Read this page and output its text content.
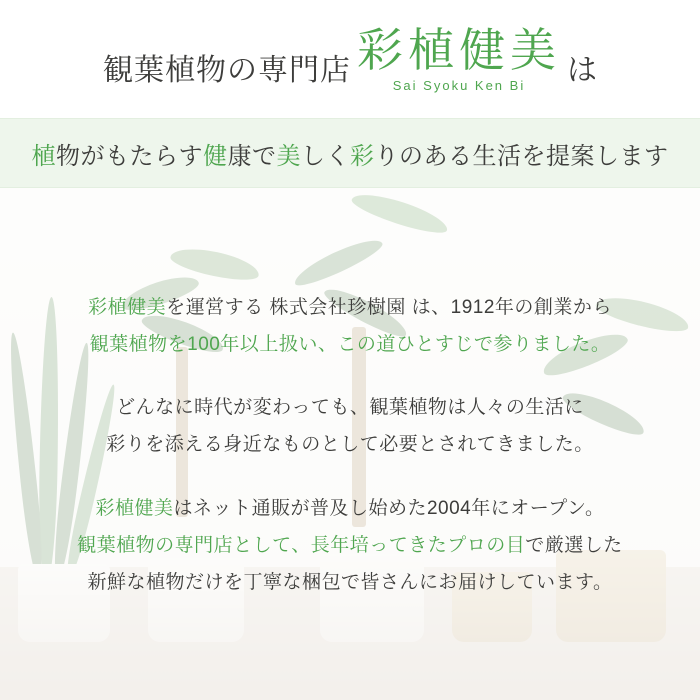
観葉植物の専門店 彩植健美
Sai Syoku Ken Bi は
植物がもたらす健康で美しく彩りのある生活を提案します
彩植健美を運営する 株式会社珍樹園 は、1912年の創業から
観葉植物を100年以上扱い、この道ひとすじで参りました。
どんなに時代が変わっても、観葉植物は人々の生活に
彩りを添える身近なものとして必要とされてきました。
彩植健美はネット通販が普及し始めた2004年にオープン。
観葉植物の専門店として、長年培ってきたプロの目で厳選した
新鮮な植物だけを丁寧な梱包で皆さんにお届けしています。
